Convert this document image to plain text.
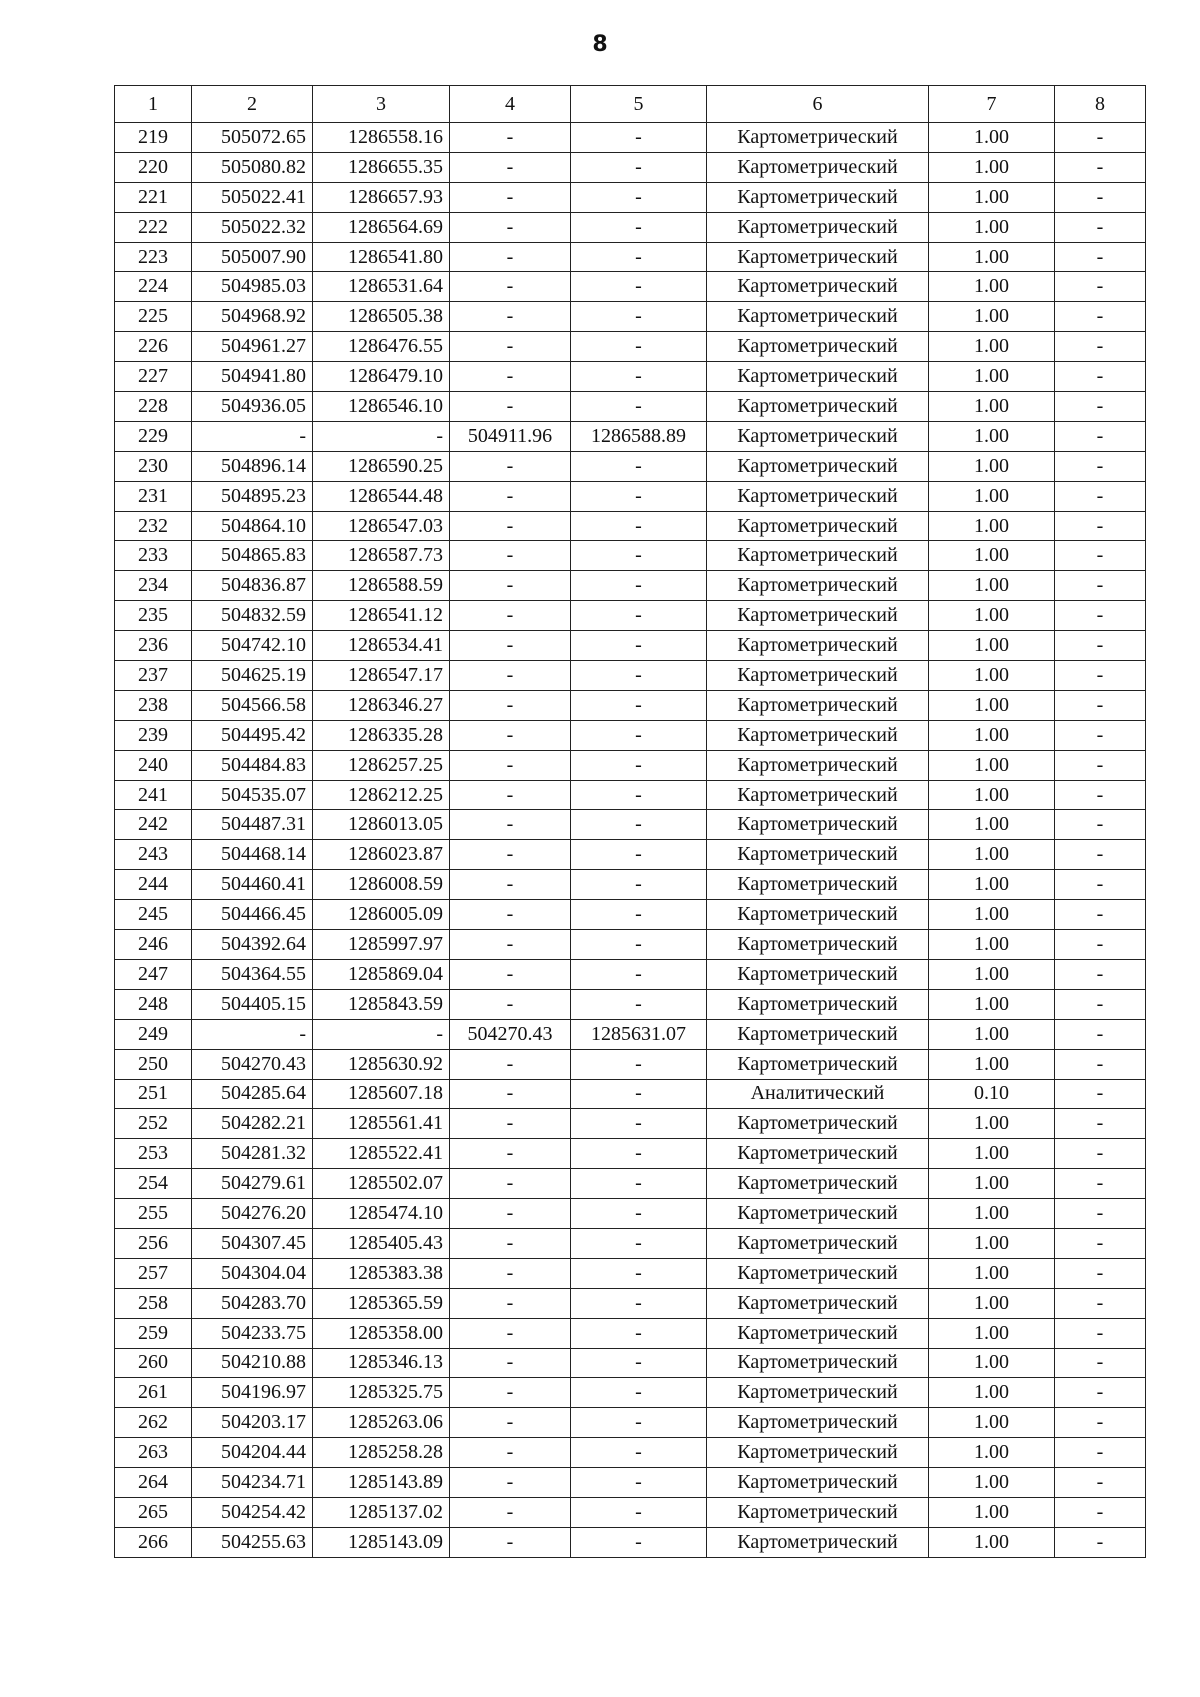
8
1	2	3	4	5	6	7	8
219	505072.65	1286558.16	-	-	Картометрический	1.00	-
220	505080.82	1286655.35	-	-	Картометрический	1.00	-
221	505022.41	1286657.93	-	-	Картометрический	1.00	-
222	505022.32	1286564.69	-	-	Картометрический	1.00	-
223	505007.90	1286541.80	-	-	Картометрический	1.00	-
224	504985.03	1286531.64	-	-	Картометрический	1.00	-
225	504968.92	1286505.38	-	-	Картометрический	1.00	-
226	504961.27	1286476.55	-	-	Картометрический	1.00	-
227	504941.80	1286479.10	-	-	Картометрический	1.00	-
228	504936.05	1286546.10	-	-	Картометрический	1.00	-
229	-	-	504911.96	1286588.89	Картометрический	1.00	-
230	504896.14	1286590.25	-	-	Картометрический	1.00	-
231	504895.23	1286544.48	-	-	Картометрический	1.00	-
232	504864.10	1286547.03	-	-	Картометрический	1.00	-
233	504865.83	1286587.73	-	-	Картометрический	1.00	-
234	504836.87	1286588.59	-	-	Картометрический	1.00	-
235	504832.59	1286541.12	-	-	Картометрический	1.00	-
236	504742.10	1286534.41	-	-	Картометрический	1.00	-
237	504625.19	1286547.17	-	-	Картометрический	1.00	-
238	504566.58	1286346.27	-	-	Картометрический	1.00	-
239	504495.42	1286335.28	-	-	Картометрический	1.00	-
240	504484.83	1286257.25	-	-	Картометрический	1.00	-
241	504535.07	1286212.25	-	-	Картометрический	1.00	-
242	504487.31	1286013.05	-	-	Картометрический	1.00	-
243	504468.14	1286023.87	-	-	Картометрический	1.00	-
244	504460.41	1286008.59	-	-	Картометрический	1.00	-
245	504466.45	1286005.09	-	-	Картометрический	1.00	-
246	504392.64	1285997.97	-	-	Картометрический	1.00	-
247	504364.55	1285869.04	-	-	Картометрический	1.00	-
248	504405.15	1285843.59	-	-	Картометрический	1.00	-
249	-	-	504270.43	1285631.07	Картометрический	1.00	-
250	504270.43	1285630.92	-	-	Картометрический	1.00	-
251	504285.64	1285607.18	-	-	Аналитический	0.10	-
252	504282.21	1285561.41	-	-	Картометрический	1.00	-
253	504281.32	1285522.41	-	-	Картометрический	1.00	-
254	504279.61	1285502.07	-	-	Картометрический	1.00	-
255	504276.20	1285474.10	-	-	Картометрический	1.00	-
256	504307.45	1285405.43	-	-	Картометрический	1.00	-
257	504304.04	1285383.38	-	-	Картометрический	1.00	-
258	504283.70	1285365.59	-	-	Картометрический	1.00	-
259	504233.75	1285358.00	-	-	Картометрический	1.00	-
260	504210.88	1285346.13	-	-	Картометрический	1.00	-
261	504196.97	1285325.75	-	-	Картометрический	1.00	-
262	504203.17	1285263.06	-	-	Картометрический	1.00	-
263	504204.44	1285258.28	-	-	Картометрический	1.00	-
264	504234.71	1285143.89	-	-	Картометрический	1.00	-
265	504254.42	1285137.02	-	-	Картометрический	1.00	-
266	504255.63	1285143.09	-	-	Картометрический	1.00	-
